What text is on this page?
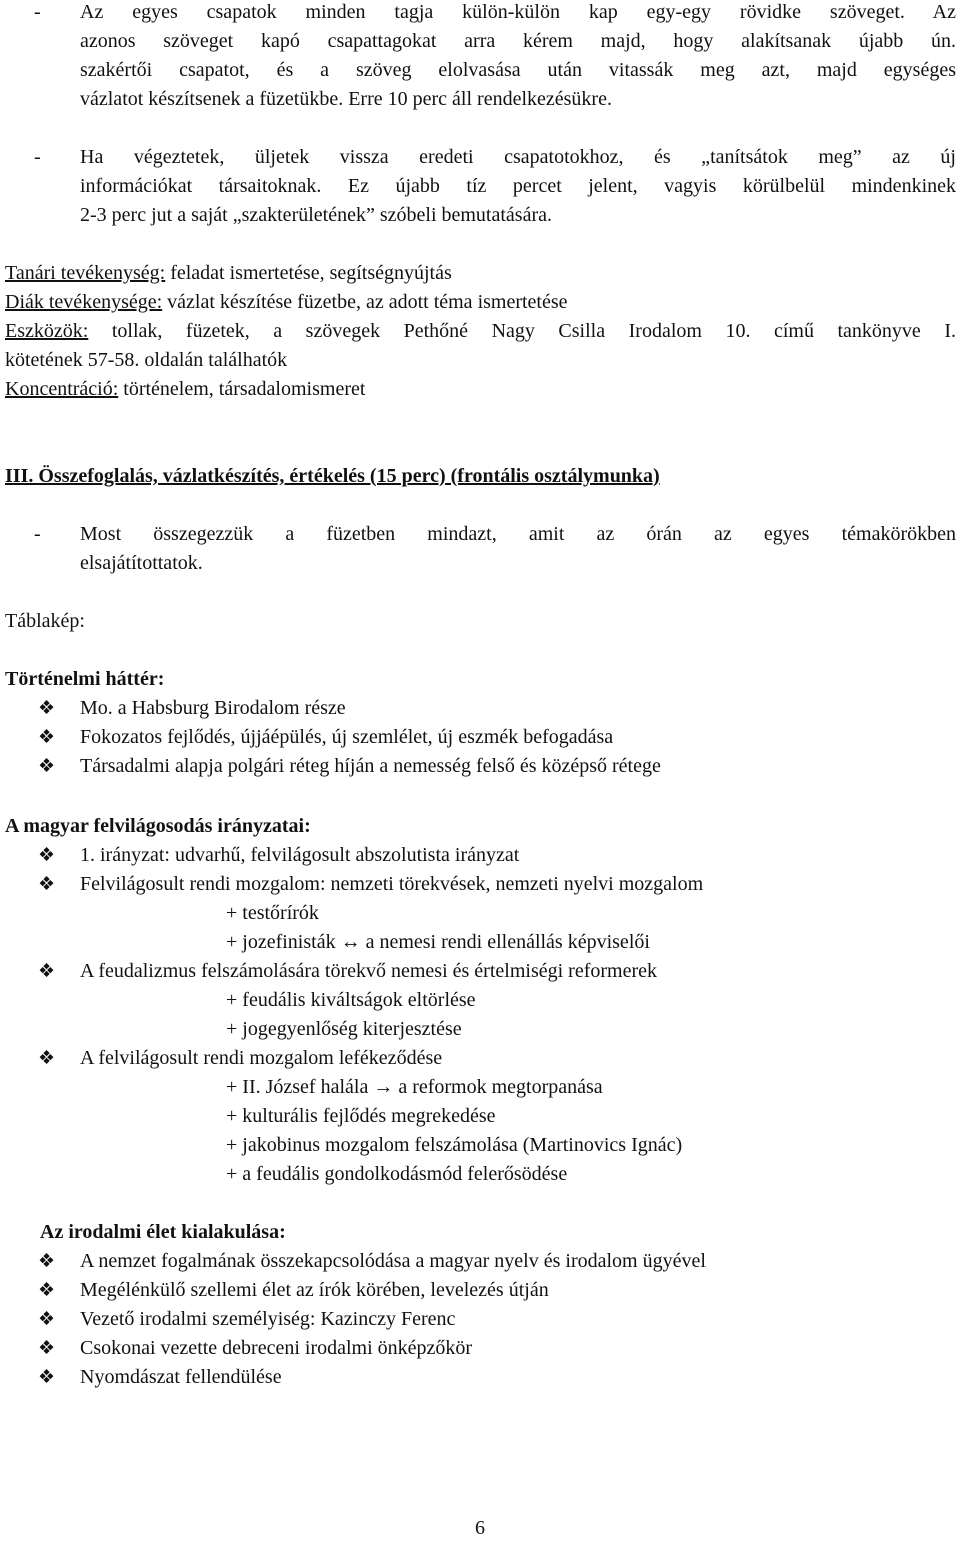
- Az egyes csapatok minden tagja külön-külön kap egy-egy rövidke szöveget. Az
azonos szöveget kapó csapattagokat arra kérem majd, hogy alakítsanak újabb ún.
szakértői csapatot, és a szöveg elolvasása után vitassák meg azt, majd egységes
vázlatot készítsenek a füzetükbe. Erre 10 perc áll rendelkezésükre.
- Ha végeztetek, üljetek vissza eredeti csapatotokhoz, és „tanítsátok meg” az új
információkat társaitoknak. Ez újabb tíz percet jelent, vagyis körülbelül mindenkinek
2-3 perc jut a saját „szakterületének” szóbeli bemutatására.
Tanári tevékenység: feladat ismertetése, segítségnyújtás
Diák tevékenysége: vázlat készítése füzetbe, az adott téma ismertetése
Eszközök: tollak, füzetek, a szövegek Pethőné Nagy Csilla Irodalom 10. című tankönyve I.
kötetének 57-58. oldalán találhatók
Koncentráció: történelem, társadalomismeret
III. Összefoglalás, vázlatkészítés, értékelés (15 perc) (frontális osztálymunka)
- Most összegezzük a füzetben mindazt, amit az órán az egyes témakörökben
elsajátítottatok.
Táblakép:
Történelmi háttér:
❖	Mo. a Habsburg Birodalom része
❖	Fokozatos fejlődés, újjáépülés, új szemlélet, új eszmék befogadása
❖	Társadalmi alapja polgári réteg híján a nemesség felső és középső rétege
A magyar felvilágosodás irányzatai:
❖	1. irányzat: udvarhű, felvilágosult abszolutista irányzat
❖	Felvilágosult rendi mozgalom: nemzeti törekvések, nemzeti nyelvi mozgalom
+ testőrírók
+ jozefinisták ↔ a nemesi rendi ellenállás képviselői
❖	A feudalizmus felszámolására törekvő nemesi és értelmiségi reformerek
+ feudális kiváltságok eltörlése
+ jogegyenlőség kiterjesztése
❖	A felvilágosult rendi mozgalom lefékeződése
+ II. József halála → a reformok megtorpanása
+ kulturális fejlődés megrekedése
+ jakobinus mozgalom felszámolása (Martinovics Ignác)
+ a feudális gondolkodásmód felerősödése
Az irodalmi élet kialakulása:
❖	A nemzet fogalmának összekapcsolódása a magyar nyelv és irodalom ügyével
❖	Megélénkülő szellemi élet az írók körében, levelezés útján
❖	Vezető irodalmi személyiség: Kazinczy Ferenc
❖	Csokonai vezette debreceni irodalmi önképzőkör
❖	Nyomdászat fellendülése
6
